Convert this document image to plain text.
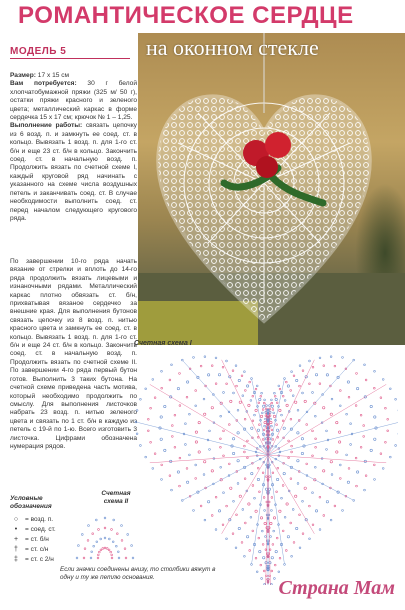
РОМАНТИЧЕСКОЕ СЕРДЦЕ
на оконном стекле
МОДЕЛЬ 5
Размер: 17 x 15 см
Вам потребуется: 30 г белой хлопчатобумажной пряжи (325 м/ 50 г), остатки пряжи красного и зеленого цвета; металлический каркас в форме сердечка 15 x 17 см; крючок № 1 – 1,25.
Выполнение работы: связать цепочку из 6 возд. п. и замкнуть ее соед. ст. в кольцо. Вывязать 1 возд. п. для 1-го ст. б/н и еще 23 ст. б/н в кольцо. Закончить соед. ст. в начальную возд. п. Продолжить вязать по счетной схеме I, каждый круговой ряд начинать с указанного на схеме числа воздушных петель и заканчивать соед. ст. В случае необходимости выполнить соед. ст. перед началом следующего кругового ряда.
По завершении 10-го ряда начать вязание от стрелки и вплоть до 14-го ряда продолжить вязать лицевыми и изнаночными рядами. Металлический каркас плотно обвязать ст. б/н, прихватывая вязаное сердечко за внешние края. Для выполнения бутонов связать цепочку из 8 возд. п. нитью красного цвета и замкнуть ее соед. ст. в кольцо. Вывязать 1 возд. п. для 1-го ст. б/н и еще 24 ст. б/н в кольцо. Закончить соед. ст. в начальную возд. п. Продолжить вязать по счетной схеме II. По завершении 4-го ряда первый бутон готов. Выполнить 3 таких бутона. На счетной схеме приведена часть мотива, который необходимо продолжить по смыслу. Для выполнения листочков набрать 23 возд. п. нитью зеленого цвета и связать по 1 ст. б/н в каждую из петель с 19-й по 1-ю. Всего изготовить 3 листочка. Цифрами обозначена нумерация рядов.
Счетная схема I
Счетная схема II
Условные обозначения
○	= возд. п.
•	= соед. ст.
+	= ст. б/н
†	= ст. с/н
‡	= ст. с 2/н
Если значки соединены внизу, то столбики вяжут в одну и ту же петлю основания.	Страна Мам
